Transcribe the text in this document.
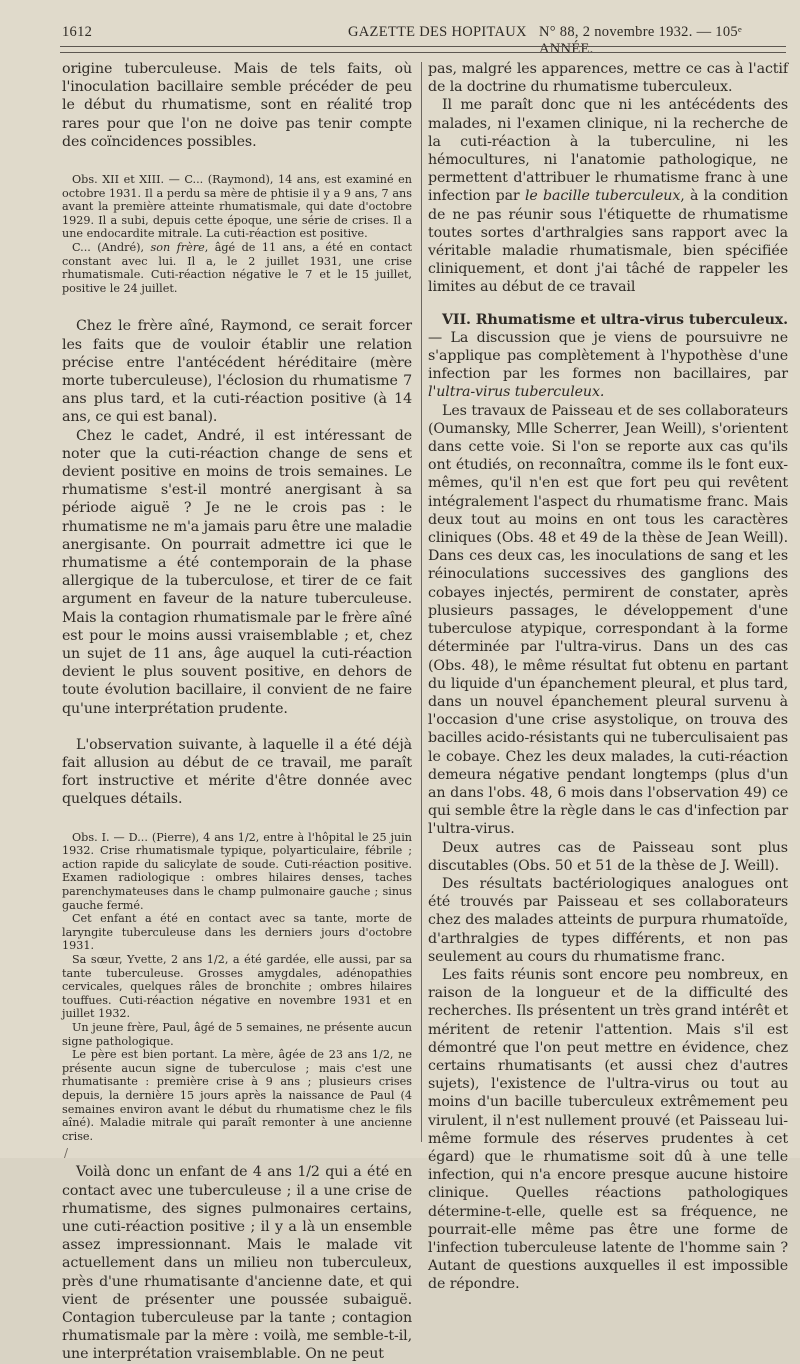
1612	GAZETTE DES HOPITAUX N° 88, 2 novembre 1932. — 105ᵉ ANNÉE.

origine tuberculeuse. Mais de tels faits, où l'inoculation bacillaire semble précéder de peu le début du rhumatisme, sont en réalité trop rares pour que l'on ne doive pas tenir compte des coïncidences possibles.

Obs. XII et XIII. — C... (Raymond), 14 ans, est examiné en octobre 1931. Il a perdu sa mère de phtisie il y a 9 ans, 7 ans avant la première atteinte rhumatismale, qui date d'octobre 1929. Il a subi, depuis cette époque, une série de crises. Il a une endocardite mitrale. La cuti-réaction est positive.

C... (André), son frère, âgé de 11 ans, a été en contact constant avec lui. Il a, le 2 juillet 1931, une crise rhumatismale. Cuti-réaction négative le 7 et le 15 juillet, positive le 24 juillet.

Chez le frère aîné, Raymond, ce serait forcer les faits que de vouloir établir une relation précise entre l'antécédent héréditaire (mère morte tuberculeuse), l'éclosion du rhumatisme 7 ans plus tard, et la cuti-réaction positive (à 14 ans, ce qui est banal).

Chez le cadet, André, il est intéressant de noter que la cuti-réaction change de sens et devient positive en moins de trois semaines. Le rhumatisme s'est-il montré anergisant à sa période aiguë ? Je ne le crois pas : le rhumatisme ne m'a jamais paru être une maladie anergisante. On pourrait admettre ici que le rhumatisme a été contemporain de la phase allergique de la tuberculose, et tirer de ce fait argument en faveur de la nature tuberculeuse. Mais la contagion rhumatismale par le frère aîné est pour le moins aussi vraisemblable ; et, chez un sujet de 11 ans, âge auquel la cuti-réaction devient le plus souvent positive, en dehors de toute évolution bacillaire, il convient de ne faire qu'une interprétation prudente.

L'observation suivante, à laquelle il a été déjà fait allusion au début de ce travail, me paraît fort instructive et mérite d'être donnée avec quelques détails.

Obs. I. — D... (Pierre), 4 ans 1/2, entre à l'hôpital le 25 juin 1932. Crise rhumatismale typique, polyarticulaire, fébrile ; action rapide du salicylate de soude. Cuti-réaction positive. Examen radiologique : ombres hilaires denses, taches parenchymateuses dans le champ pulmonaire gauche ; sinus gauche fermé.

Cet enfant a été en contact avec sa tante, morte de laryngite tuberculeuse dans les derniers jours d'octobre 1931.

Sa sœur, Yvette, 2 ans 1/2, a été gardée, elle aussi, par sa tante tuberculeuse. Grosses amygdales, adénopathies cervicales, quelques râles de bronchite ; ombres hilaires touffues. Cuti-réaction négative en novembre 1931 et en juillet 1932.

Un jeune frère, Paul, âgé de 5 semaines, ne présente aucun signe pathologique.

Le père est bien portant. La mère, âgée de 23 ans 1/2, ne présente aucun signe de tuberculose ; mais c'est une rhumatisante : première crise à 9 ans ; plusieurs crises depuis, la dernière 15 jours après la naissance de Paul (4 semaines environ avant le début du rhumatisme chez le fils aîné). Maladie mitrale qui paraît remonter à une ancienne crise.

/

Voilà donc un enfant de 4 ans 1/2 qui a été en contact avec une tuberculeuse ; il a une crise de rhumatisme, des signes pulmonaires certains, une cuti-réaction positive ; il y a là un ensemble assez impressionnant. Mais le malade vit actuellement dans un milieu non tuberculeux, près d'une rhumatisante d'ancienne date, et qui vient de présenter une poussée subaiguë. Contagion tuberculeuse par la tante ; contagion rhumatismale par la mère : voilà, me semble-t-il, une interprétation vraisemblable. On ne peut

pas, malgré les apparences, mettre ce cas à l'actif de la doctrine du rhumatisme tuberculeux.

Il me paraît donc que ni les antécédents des malades, ni l'examen clinique, ni la recherche de la cuti-réaction à la tuberculine, ni les hémocultures, ni l'anatomie pathologique, ne permettent d'attribuer le rhumatisme franc à une infection par le bacille tuberculeux, à la condition de ne pas réunir sous l'étiquette de rhumatisme toutes sortes d'arthralgies sans rapport avec la véritable maladie rhumatismale, bien spécifiée cliniquement, et dont j'ai tâché de rappeler les limites au début de ce travail

VII. Rhumatisme et ultra-virus tuberculeux. — La discussion que je viens de poursuivre ne s'applique pas complètement à l'hypothèse d'une infection par les formes non bacillaires, par l'ultra-virus tuberculeux.

Les travaux de Paisseau et de ses collaborateurs (Oumansky, Mlle Scherrer, Jean Weill), s'orientent dans cette voie. Si l'on se reporte aux cas qu'ils ont étudiés, on reconnaîtra, comme ils le font eux-mêmes, qu'il n'en est que fort peu qui revêtent intégralement l'aspect du rhumatisme franc. Mais deux tout au moins en ont tous les caractères cliniques (Obs. 48 et 49 de la thèse de Jean Weill). Dans ces deux cas, les inoculations de sang et les réinoculations successives des ganglions des cobayes injectés, permirent de constater, après plusieurs passages, le développement d'une tuberculose atypique, correspondant à la forme déterminée par l'ultra-virus. Dans un des cas (Obs. 48), le même résultat fut obtenu en partant du liquide d'un épanchement pleural, et plus tard, dans un nouvel épanchement pleural survenu à l'occasion d'une crise asystolique, on trouva des bacilles acido-résistants qui ne tuberculisaient pas le cobaye. Chez les deux malades, la cuti-réaction demeura négative pendant longtemps (plus d'un an dans l'obs. 48, 6 mois dans l'observation 49) ce qui semble être la règle dans le cas d'infection par l'ultra-virus.

Deux autres cas de Paisseau sont plus discutables (Obs. 50 et 51 de la thèse de J. Weill).

Des résultats bactériologiques analogues ont été trouvés par Paisseau et ses collaborateurs chez des malades atteints de purpura rhumatoïde, d'arthralgies de types différents, et non pas seulement au cours du rhumatisme franc.

Les faits réunis sont encore peu nombreux, en raison de la longueur et de la difficulté des recherches. Ils présentent un très grand intérêt et méritent de retenir l'attention. Mais s'il est démontré que l'on peut mettre en évidence, chez certains rhumatisants (et aussi chez d'autres sujets), l'existence de l'ultra-virus ou tout au moins d'un bacille tuberculeux extrêmement peu virulent, il n'est nullement prouvé (et Paisseau lui-même formule des réserves prudentes à cet égard) que le rhumatisme soit dû à une telle infection, qui n'a encore presque aucune histoire clinique. Quelles réactions pathologiques détermine-t-elle, quelle est sa fréquence, ne pourrait-elle même pas être une forme de l'infection tuberculeuse latente de l'homme sain ? Autant de questions auxquelles il est impossible de répondre.
